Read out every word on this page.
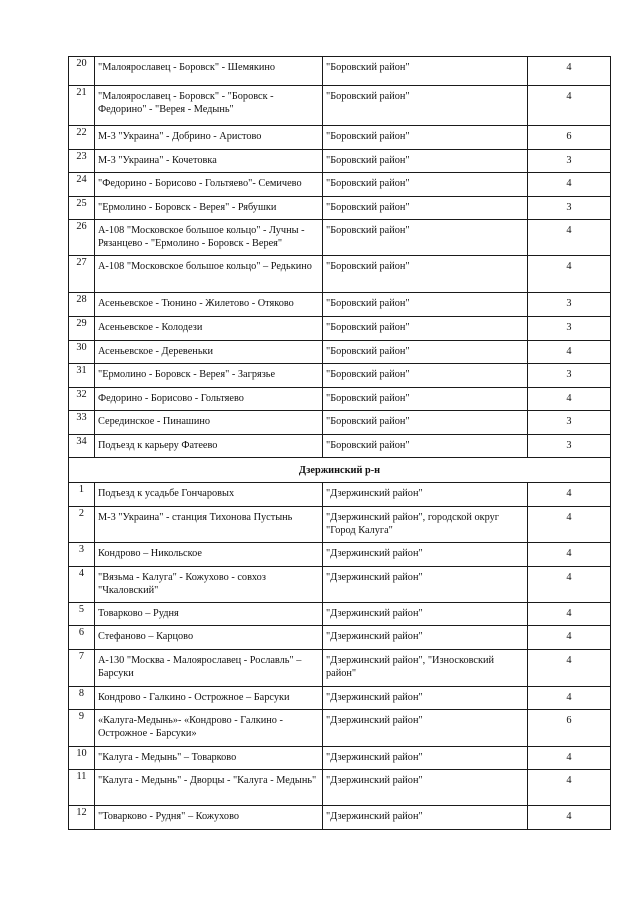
20	"Малоярославец - Боровск" - Шемякино	"Боровский район"	4
21	"Малоярославец - Боровск" - "Боровск - Федорино" - "Верея - Медынь"	"Боровский район"	4
22	М-3 "Украина" - Добрино - Аристово	"Боровский район"	6
23	М-3 "Украина" - Кочетовка	"Боровский район"	3
24	"Федорино - Борисово - Гольтяево"- Семичево	"Боровский район"	4
25	"Ермолино - Боровск - Верея" - Рябушки	"Боровский район"	3
26	А-108 "Московское большое кольцо" - Лучны - Рязанцево - "Ермолино - Боровск - Верея"	"Боровский район"	4
27	А-108 "Московское большое кольцо" – Редькино	"Боровский район"	4
28	Асеньевское - Тюнино - Жилетово - Отяково	"Боровский район"	3
29	Асеньевское - Колодези	"Боровский район"	3
30	Асеньевское - Деревеньки	"Боровский район"	4
31	"Ермолино - Боровск - Верея" - Загрязье	"Боровский район"	3
32	Федорино - Борисово - Гольтяево	"Боровский район"	4
33	Серединское - Пинашино	"Боровский район"	3
34	Подъезд к карьеру Фатеево	"Боровский район"	3
Дзержинский р-н			
1	Подъезд к усадьбе Гончаровых	"Дзержинский район"	4
2	М-3 "Украина" - станция Тихонова Пустынь	"Дзержинский район", городской округ "Город Калуга"	4
3	Кондрово – Никольское	"Дзержинский район"	4
4	"Вязьма - Калуга" - Кожухово - совхоз "Чкаловский"	"Дзержинский район"	4
5	Товарково – Рудня	"Дзержинский район"	4
6	Стефаново – Карцово	"Дзержинский район"	4
7	А-130 "Москва - Малоярославец - Рославль" – Барсуки	"Дзержинский район", "Износковский район"	4
8	Кондрово - Галкино - Острожное – Барсуки	"Дзержинский район"	4
9	«Калуга-Медынь»- «Кондрово - Галкино - Острожное - Барсуки»	"Дзержинский район"	6
10	"Калуга - Медынь" – Товарково	"Дзержинский район"	4
11	"Калуга - Медынь" - Дворцы - "Калуга - Медынь"	"Дзержинский район"	4
12	"Товарково - Рудня" – Кожухово	"Дзержинский район"	4
